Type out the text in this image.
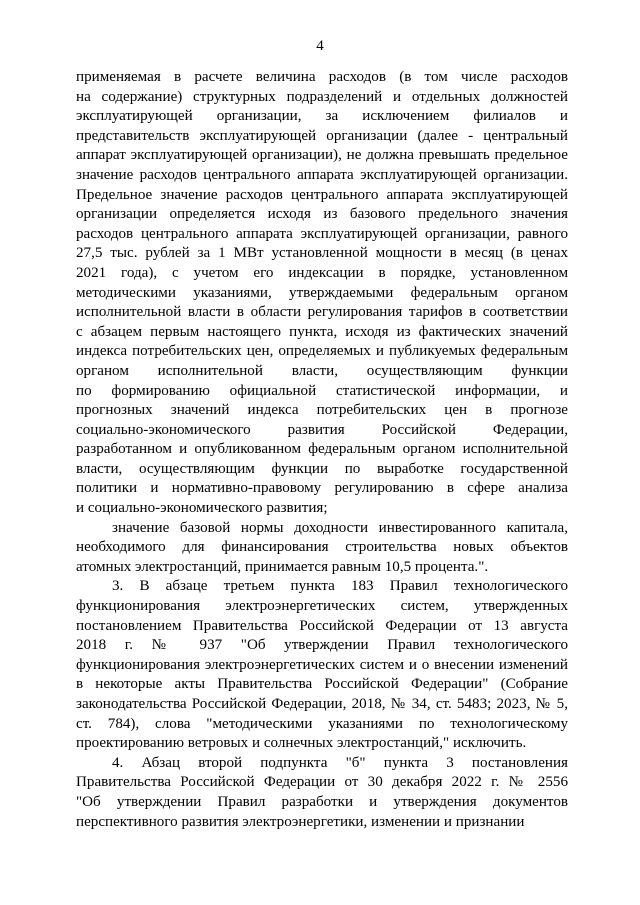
4
применяемая в расчете величина расходов (в том числе расходов
на содержание) структурных подразделений и отдельных должностей
эксплуатирующей организации, за исключением филиалов и
представительств эксплуатирующей организации (далее - центральный
аппарат эксплуатирующей организации), не должна превышать предельное
значение расходов центрального аппарата эксплуатирующей организации.
Предельное значение расходов центрального аппарата эксплуатирующей
организации определяется исходя из базового предельного значения
расходов центрального аппарата эксплуатирующей организации, равного
27,5 тыс. рублей за 1 МВт установленной мощности в месяц (в ценах
2021 года), с учетом его индексации в порядке, установленном
методическими указаниями, утверждаемыми федеральным органом
исполнительной власти в области регулирования тарифов в соответствии
с абзацем первым настоящего пункта, исходя из фактических значений
индекса потребительских цен, определяемых и публикуемых федеральным
органом исполнительной власти, осуществляющим функции
по формированию официальной статистической информации, и
прогнозных значений индекса потребительских цен в прогнозе
социально-экономического развития Российской Федерации,
разработанном и опубликованном федеральным органом исполнительной
власти, осуществляющим функции по выработке государственной
политики и нормативно-правовому регулированию в сфере анализа
и социально-экономического развития;
значение базовой нормы доходности инвестированного капитала,
необходимого для финансирования строительства новых объектов
атомных электростанций, принимается равным 10,5 процента.".
3. В абзаце третьем пункта 183 Правил технологического
функционирования электроэнергетических систем, утвержденных
постановлением Правительства Российской Федерации от 13 августа
2018 г. № 937 "Об утверждении Правил технологического
функционирования электроэнергетических систем и о внесении изменений
в некоторые акты Правительства Российской Федерации" (Собрание
законодательства Российской Федерации, 2018, № 34, ст. 5483; 2023, № 5,
ст. 784), слова "методическими указаниями по технологическому
проектированию ветровых и солнечных электростанций," исключить.
4. Абзац второй подпункта "б" пункта 3 постановления
Правительства Российской Федерации от 30 декабря 2022 г. № 2556
"Об утверждении Правил разработки и утверждения документов
перспективного развития электроэнергетики, изменении и признании
